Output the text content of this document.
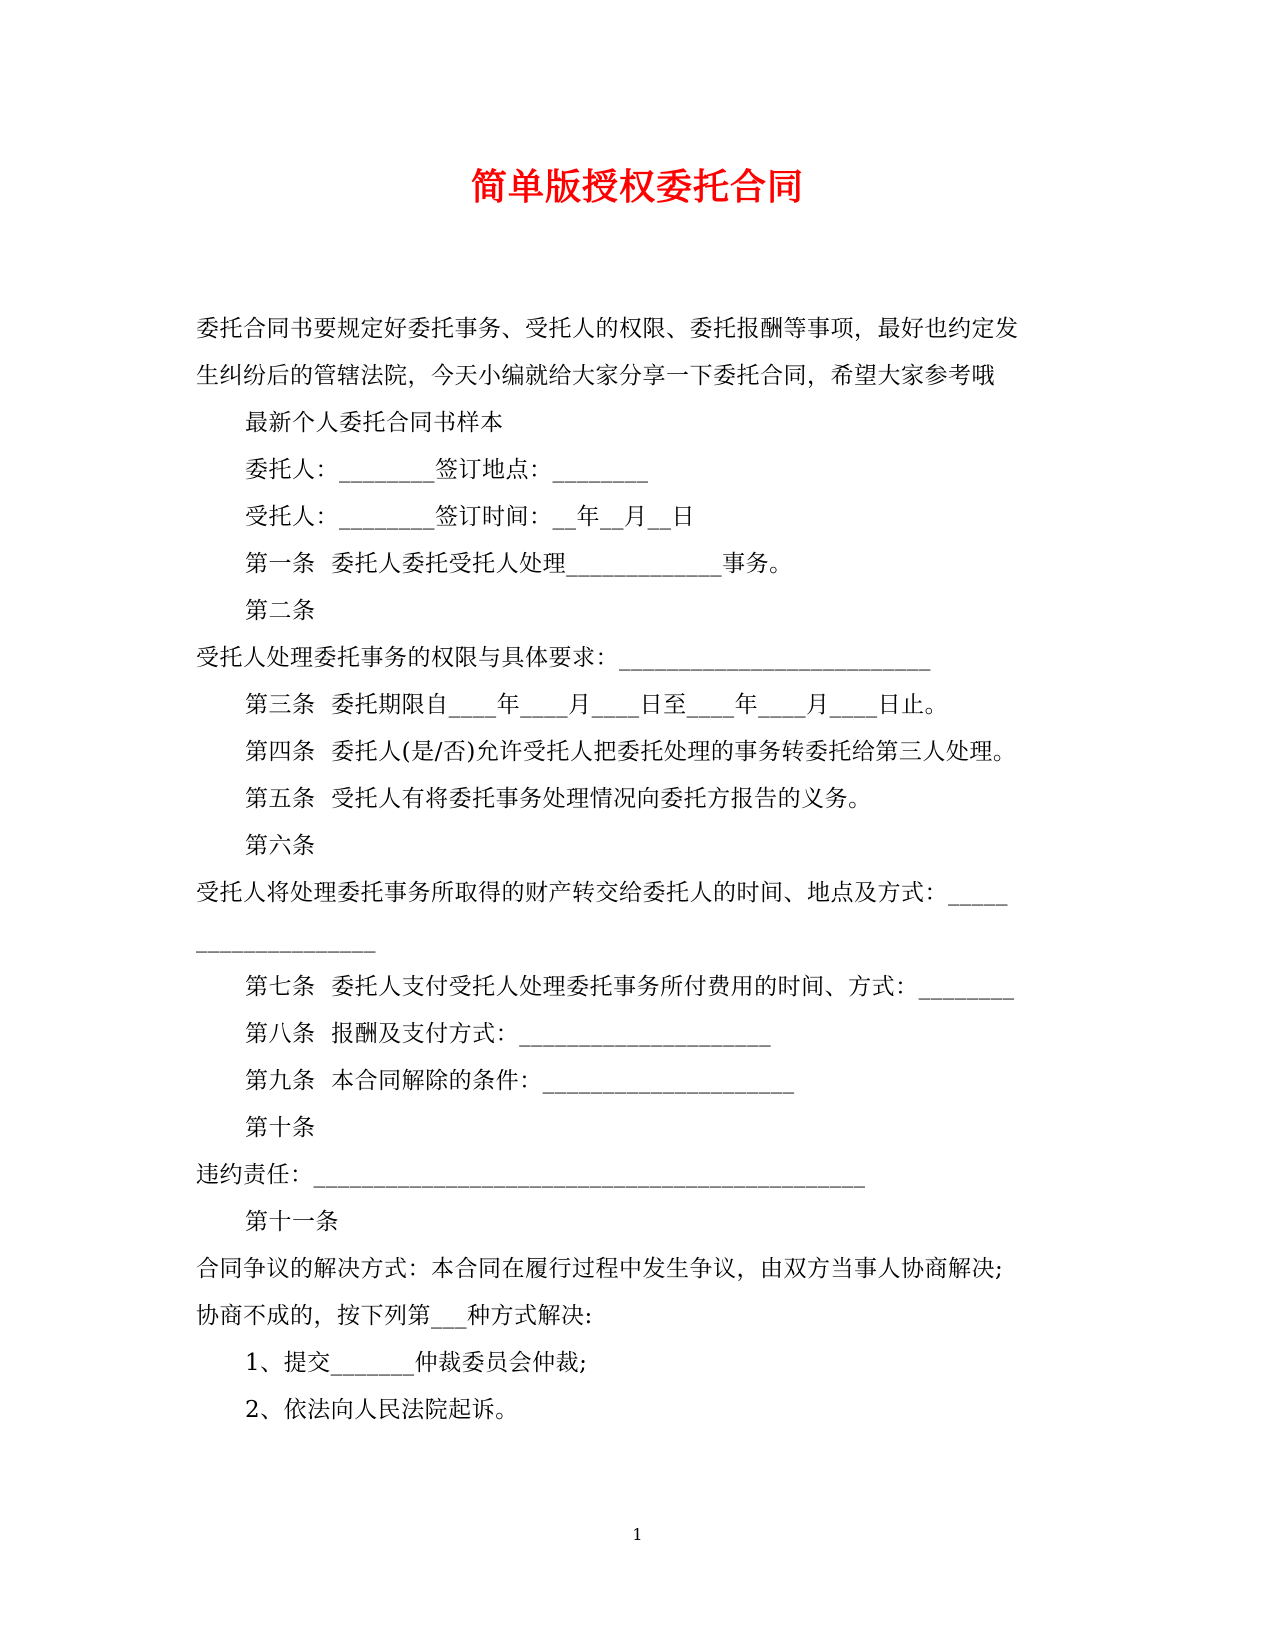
简单版授权委托合同
委托合同书要规定好委托事务、受托人的权限、委托报酬等事项，最好也约定发
生纠纷后的管辖法院，今天小编就给大家分享一下委托合同，希望大家参考哦
最新个人委托合同书样本
委托人：________签订地点：________
受托人：________签订时间：__年__月__日
第一条  委托人委托受托人处理_____________事务。
第二条
受托人处理委托事务的权限与具体要求：__________________________
第三条  委托期限自____年____月____日至____年____月____日止。
第四条  委托人(是/否)允许受托人把委托处理的事务转委托给第三人处理。
第五条  受托人有将委托事务处理情况向委托方报告的义务。
第六条
受托人将处理委托事务所取得的财产转交给委托人的时间、地点及方式：_____
_______________
第七条  委托人支付受托人处理委托事务所付费用的时间、方式：________
第八条  报酬及支付方式：_____________________
第九条  本合同解除的条件：_____________________
第十条
违约责任：______________________________________________
第十一条
合同争议的解决方式：本合同在履行过程中发生争议，由双方当事人协商解决;
协商不成的，按下列第___种方式解决:
1、提交_______仲裁委员会仲裁;
2、依法向人民法院起诉。
1
